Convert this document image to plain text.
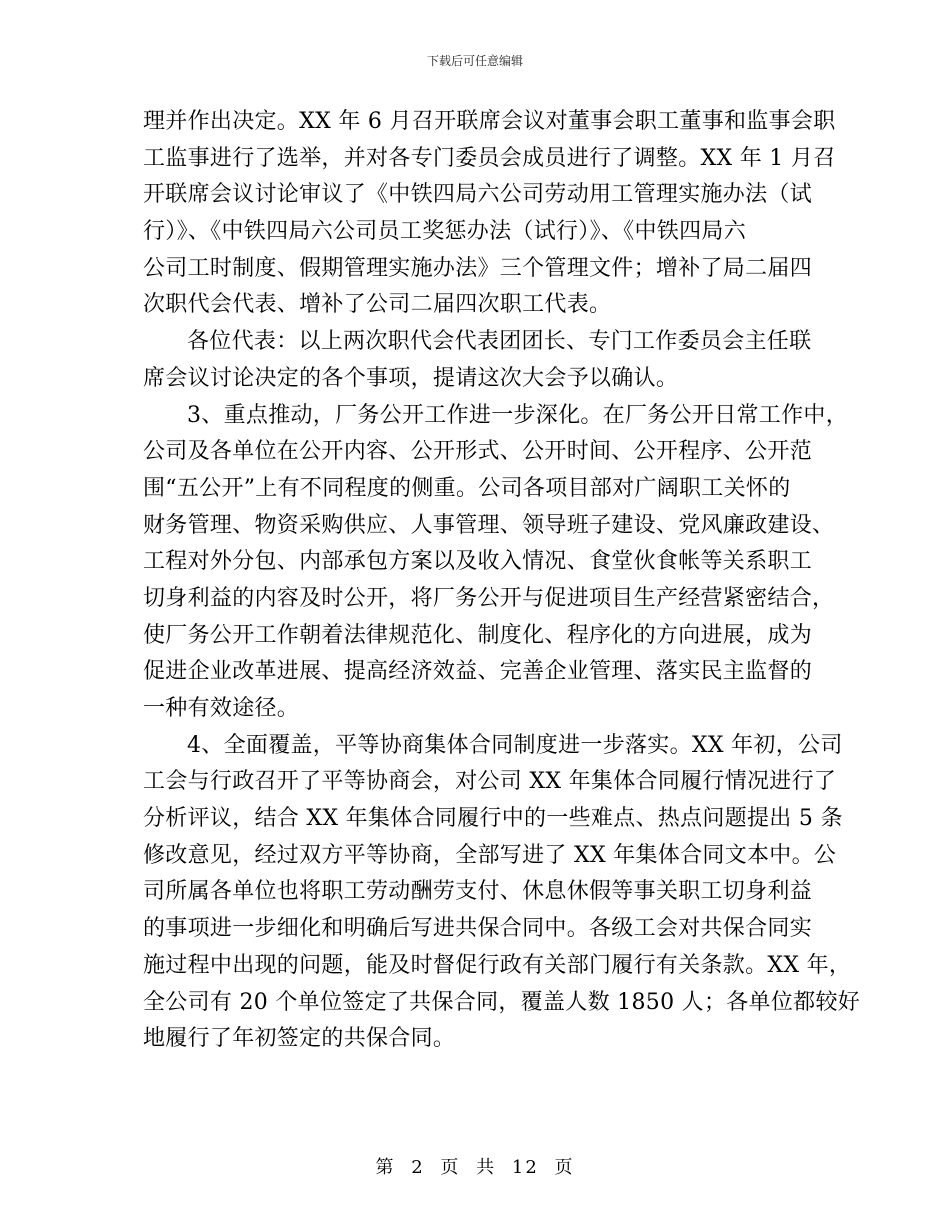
下载后可任意编辑
理并作出决定。XX 年 6 月召开联席会议对董事会职工董事和监事会职
工监事进行了选举，并对各专门委员会成员进行了调整。XX 年 1 月召
开联席会议讨论审议了《中铁四局六公司劳动用工管理实施办法（试
行）》、《中铁四局六公司员工奖惩办法（试行）》、《中铁四局六
公司工时制度、假期管理实施办法》三个管理文件；增补了局二届四
次职代会代表、增补了公司二届四次职工代表。
各位代表：以上两次职代会代表团团长、专门工作委员会主任联
席会议讨论决定的各个事项，提请这次大会予以确认。
3、重点推动，厂务公开工作进一步深化。在厂务公开日常工作中，
公司及各单位在公开内容、公开形式、公开时间、公开程序、公开范
围“五公开”上有不同程度的侧重。公司各项目部对广阔职工关怀的
财务管理、物资采购供应、人事管理、领导班子建设、党风廉政建设、
工程对外分包、内部承包方案以及收入情况、食堂伙食帐等关系职工
切身利益的内容及时公开，将厂务公开与促进项目生产经营紧密结合，
使厂务公开工作朝着法律规范化、制度化、程序化的方向进展，成为
促进企业改革进展、提高经济效益、完善企业管理、落实民主监督的
一种有效途径。
4、全面覆盖，平等协商集体合同制度进一步落实。XX 年初，公司
工会与行政召开了平等协商会，对公司 XX 年集体合同履行情况进行了
分析评议，结合 XX 年集体合同履行中的一些难点、热点问题提出 5 条
修改意见，经过双方平等协商，全部写进了 XX 年集体合同文本中。公
司所属各单位也将职工劳动酬劳支付、休息休假等事关职工切身利益
的事项进一步细化和明确后写进共保合同中。各级工会对共保合同实
施过程中出现的问题，能及时督促行政有关部门履行有关条款。XX 年，
全公司有 20 个单位签定了共保合同，覆盖人数 1850 人；各单位都较好
地履行了年初签定的共保合同。
第 2 页 共 12 页
